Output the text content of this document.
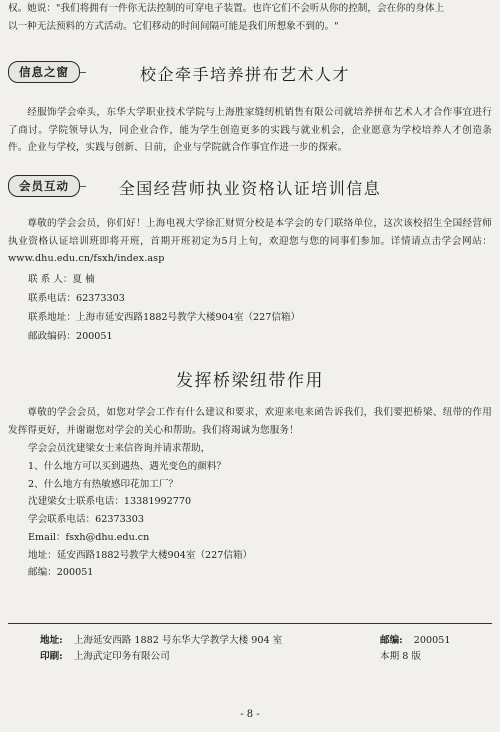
权。她说："我们将拥有一件你无法控制的可穿电子装置。也许它们不会听从你的控制，会在你的身体上
以一种无法预料的方式活动。它们移动的时间间隔可能是我们所想象不到的。"
信息之窗	校企牵手培养拼布艺术人才

经服饰学会牵头，东华大学职业技术学院与上海胜家缝纫机销售有限公司就培养拼布艺术人才合作事宜进行了商讨。学院领导认为，同企业合作，能为学生创造更多的实践与就业机会，企业愿意为学校培养人才创造条件。企业与学校，实践与创新、日前，企业与学院就合作事宜作进一步的探索。

会员互动	全国经营师执业资格认证培训信息

尊敬的学会会员，你们好！上海电视大学徐汇财贸分校是本学会的专门联络单位，这次该校招生全国经营师执业资格认证培训班即将开班，首期开班初定为5月上旬，欢迎您与您的同事们参加。详情请点击学会网站：www.dhu.edu.cn/fsxh/index.asp

联 系 人：夏 楠
联系电话：62373303
联系地址：上海市延安西路1882号教学大楼904室（227信箱）
邮政编码：200051
发挥桥梁纽带作用

尊敬的学会会员，如您对学会工作有什么建议和要求，欢迎来电来函告诉我们，我们要把桥梁、纽带的作用发挥得更好，并谢谢您对学会的关心和帮助。我们将竭诚为您服务！

学会会员沈建梁女士来信咨询并请求帮助，
1、什么地方可以买到遇热、遇光变色的颜料？
2、什么地方有热敏感印花加工厂？
沈建梁女士联系电话：13381992770
学会联系电话：62373303
Email：fsxh@dhu.edu.cn
地址：延安西路1882号教学大楼904室（227信箱）
邮编：200051
地址: 上海延安西路 1882 号东华大学教学大楼 904 室
印刷: 上海武定印务有限公司
邮编: 200051
本期 8 版
- 8 -
